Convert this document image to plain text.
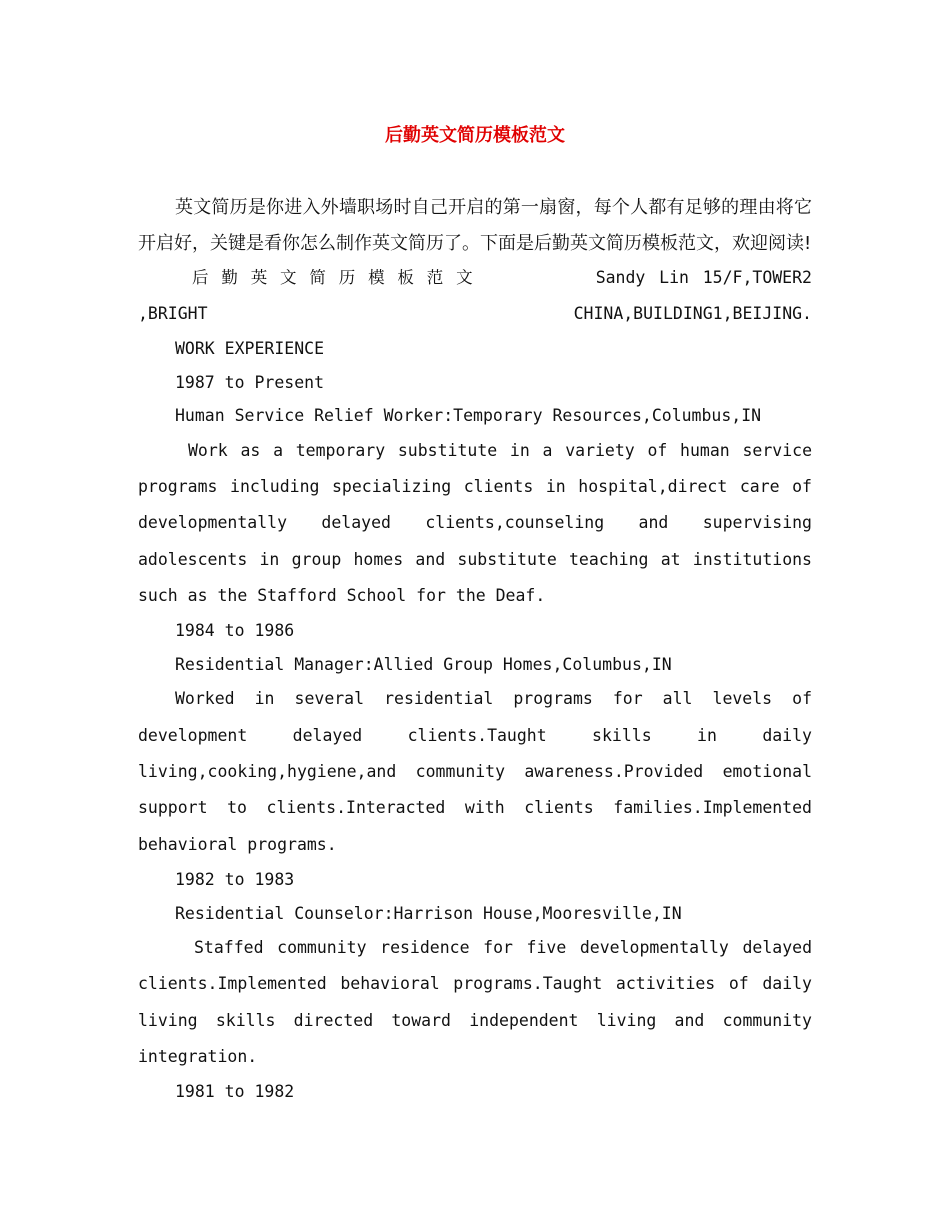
后勤英文简历模板范文

英文简历是你进入外墙职场时自己开启的第一扇窗，每个人都有足够的理由将它开启好，关键是看你怎么制作英文简历了。下面是后勤英文简历模板范文，欢迎阅读!

后勤英文简历模板范文	Sandy Lin 15/F,TOWER2 ,BRIGHT CHINA,BUILDING1,BEIJING.

WORK EXPERIENCE

1987 to Present

Human Service Relief Worker:Temporary Resources,Columbus,IN

Work as a temporary substitute in a variety of human service programs including specializing clients in hospital,direct care of developmentally delayed clients,counseling and supervising adolescents in group homes and substitute teaching at institutions such as the Stafford School for the Deaf.

1984 to 1986

Residential Manager:Allied Group Homes,Columbus,IN

Worked in several residential programs for all levels of development delayed clients.Taught skills in daily living,cooking,hygiene,and community awareness.Provided emotional support to clients.Interacted with clients families.Implemented behavioral programs.

1982 to 1983

Residential Counselor:Harrison House,Mooresville,IN

Staffed community residence for five developmentally delayed clients.Implemented behavioral programs.Taught activities of daily living skills directed toward independent living and community integration.

1981 to 1982
